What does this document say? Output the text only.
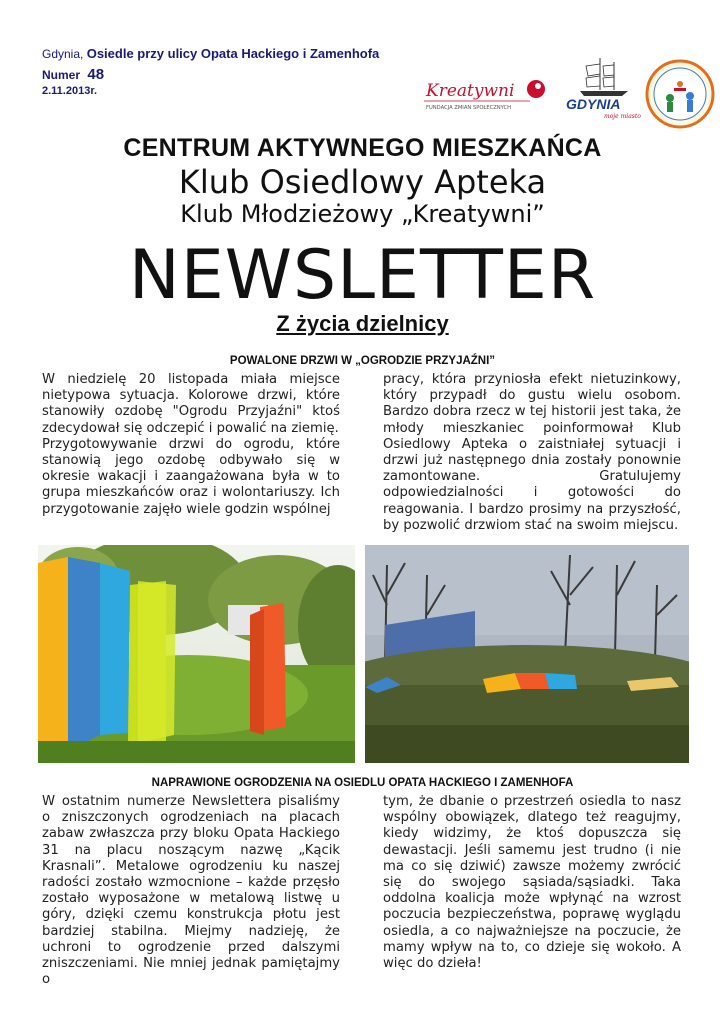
Gdynia, Osiedle przy ulicy Opata Hackiego i Zamenhofa
Numer 48
2.11.2013r.	Kreatywni
FUNDACJA ZMIAN SPOŁECZNYCH	GDYNIA
moje miasto
CENTRUM AKTYWNEGO MIESZKAŃCA
Klub Osiedlowy Apteka
Klub Młodzieżowy „Kreatywni”
NEWSLETTER
Z życia dzielnicy
POWALONE DRZWI W „OGRODZIE PRZYJAŹNI”

W niedzielę 20 listopada miała miejsce nietypowa sytuacja. Kolorowe drzwi, które stanowiły ozdobę "Ogrodu Przyjaźni" ktoś zdecydował się odczepić i powalić na ziemię.

Przygotowywanie drzwi do ogrodu, które stanowią jego ozdobę odbywało się w okresie wakacji i zaangażowana była w to grupa mieszkańców oraz i wolontariuszy. Ich przygotowanie zajęło wiele godzin wspólnej

pracy, która przyniosła efekt nietuzinkowy, który przypadł do gustu wielu osobom. Bardzo dobra rzecz w tej historii jest taka, że młody mieszkaniec poinformował Klub Osiedlowy Apteka o zaistniałej sytuacji i drzwi już następnego dnia zostały ponownie zamontowane. Gratulujemy odpowiedzialności i gotowości do reagowania. I bardzo prosimy na przyszłość, by pozwolić drzwiom stać na swoim miejscu.

NAPRAWIONE OGRODZENIA NA OSIEDLU OPATA HACKIEGO I ZAMENHOFA

W ostatnim numerze Newslettera pisaliśmy o zniszczonych ogrodzeniach na placach zabaw zwłaszcza przy bloku Opata Hackiego 31 na placu noszącym nazwę „Kącik Krasnali”. Metalowe ogrodzeniu ku naszej radości zostało wzmocnione – każde przęsło zostało wyposażone w metalową listwę u góry, dzięki czemu konstrukcja płotu jest bardziej stabilna. Miejmy nadzieję, że uchroni to ogrodzenie przed dalszymi zniszczeniami. Nie mniej jednak pamiętajmy o

tym, że dbanie o przestrzeń osiedla to nasz wspólny obowiązek, dlatego też reagujmy, kiedy widzimy, że ktoś dopuszcza się dewastacji. Jeśli samemu jest trudno (i nie ma co się dziwić) zawsze możemy zwrócić się do swojego sąsiada/sąsiadki. Taka oddolna koalicja może wpłynąć na wzrost poczucia bezpieczeństwa, poprawę wyglądu osiedla, a co najważniejsze na poczucie, że mamy wpływ na to, co dzieje się wokoło. A więc do dzieła!
